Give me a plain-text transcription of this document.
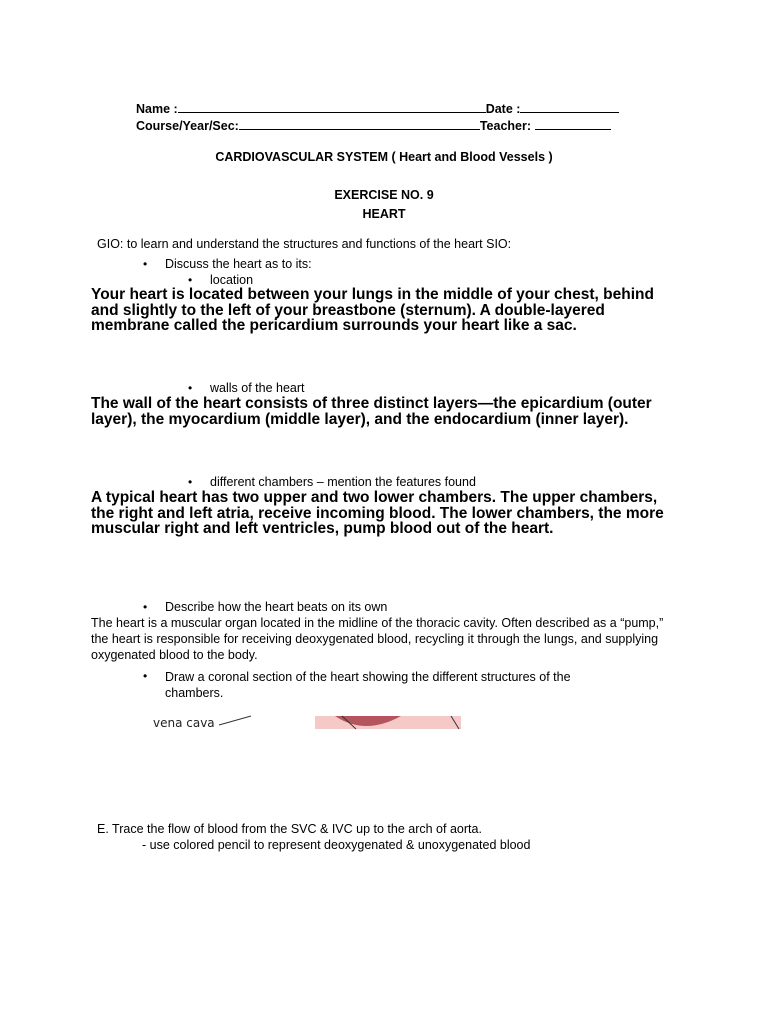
Name :	Date :
Course/Year/Sec:	Teacher:
CARDIOVASCULAR SYSTEM ( Heart and Blood Vessels )
EXERCISE NO. 9
HEART
GIO: to learn and understand the structures and functions of the heart SIO:
• Discuss the heart as to its:
• location
Your heart is located between your lungs in the middle of your chest, behind and slightly to the left of your breastbone (sternum). A double-layered membrane called the pericardium surrounds your heart like a sac.
• walls of the heart
The wall of the heart consists of three distinct layers—the epicardium (outer layer), the myocardium (middle layer), and the endocardium (inner layer).
• different chambers – mention the features found
A typical heart has two upper and two lower chambers. The upper chambers, the right and left atria, receive incoming blood. The lower chambers, the more muscular right and left ventricles, pump blood out of the heart.
• Describe how the heart beats on its own
The heart is a muscular organ located in the midline of the thoracic cavity. Often described as a “pump,” the heart is responsible for receiving deoxygenated blood, recycling it through the lungs, and supplying oxygenated blood to the body.
• Draw a coronal section of the heart showing the different structures of the chambers.
vena cava
E. Trace the flow of blood from the SVC & IVC up to the arch of aorta.
- use colored pencil to represent deoxygenated & unoxygenated blood
